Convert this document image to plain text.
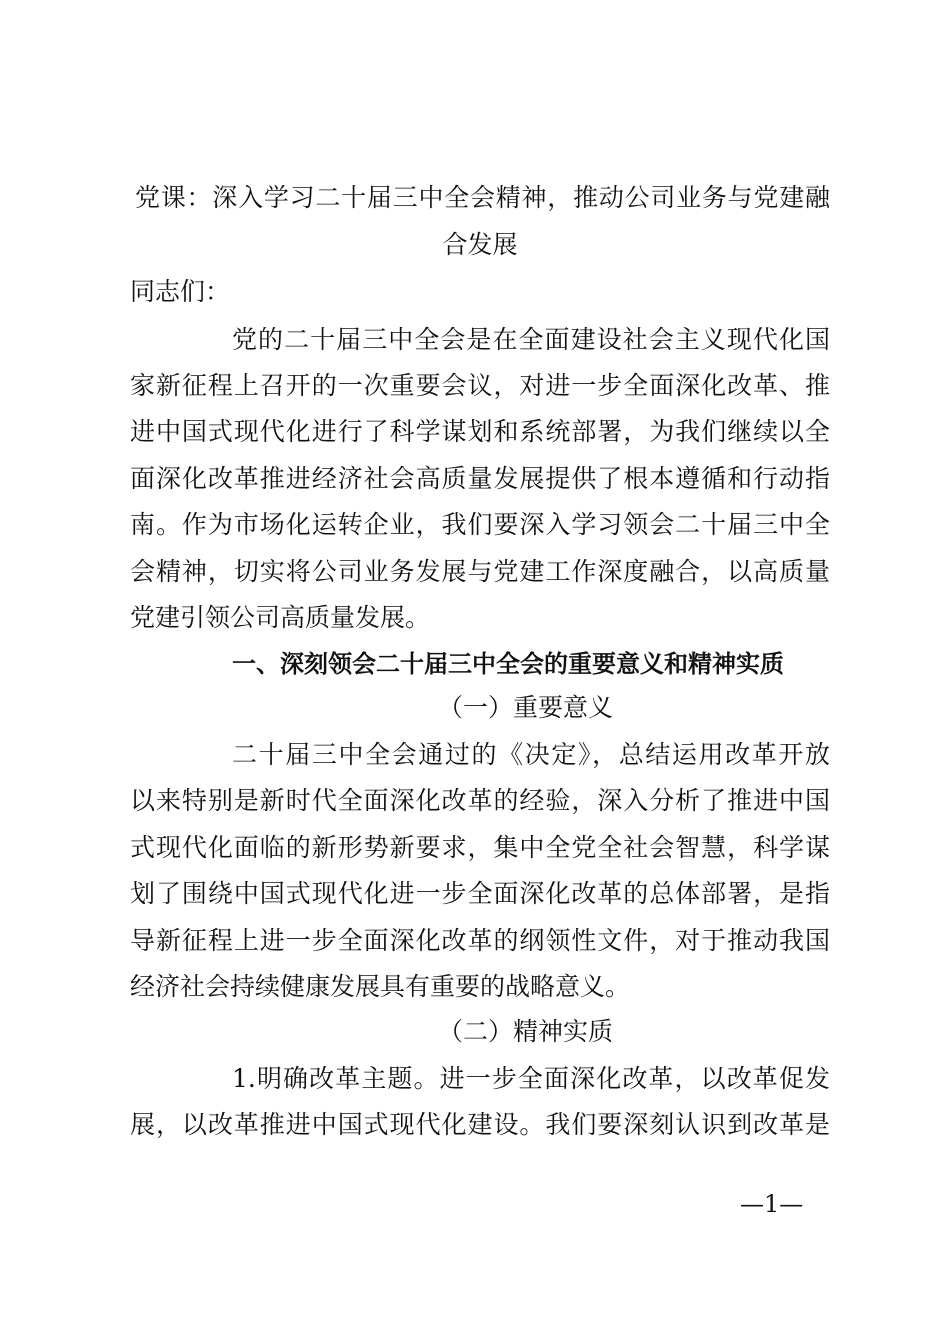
党课：深入学习二十届三中全会精神，推动公司业务与党建融
合发展
同志们：
党的二十届三中全会是在全面建设社会主义现代化国
家新征程上召开的一次重要会议，对进一步全面深化改革、推
进中国式现代化进行了科学谋划和系统部署，为我们继续以全
面深化改革推进经济社会高质量发展提供了根本遵循和行动指
南。作为市场化运转企业，我们要深入学习领会二十届三中全
会精神，切实将公司业务发展与党建工作深度融合，以高质量
党建引领公司高质量发展。
一、深刻领会二十届三中全会的重要意义和精神实质
（一）重要意义
二十届三中全会通过的《决定》，总结运用改革开放
以来特别是新时代全面深化改革的经验，深入分析了推进中国
式现代化面临的新形势新要求，集中全党全社会智慧，科学谋
划了围绕中国式现代化进一步全面深化改革的总体部署，是指
导新征程上进一步全面深化改革的纲领性文件，对于推动我国
经济社会持续健康发展具有重要的战略意义。
（二）精神实质
1.明确改革主题。进一步全面深化改革，以改革促发
展，以改革推进中国式现代化建设。我们要深刻认识到改革是
—1—
